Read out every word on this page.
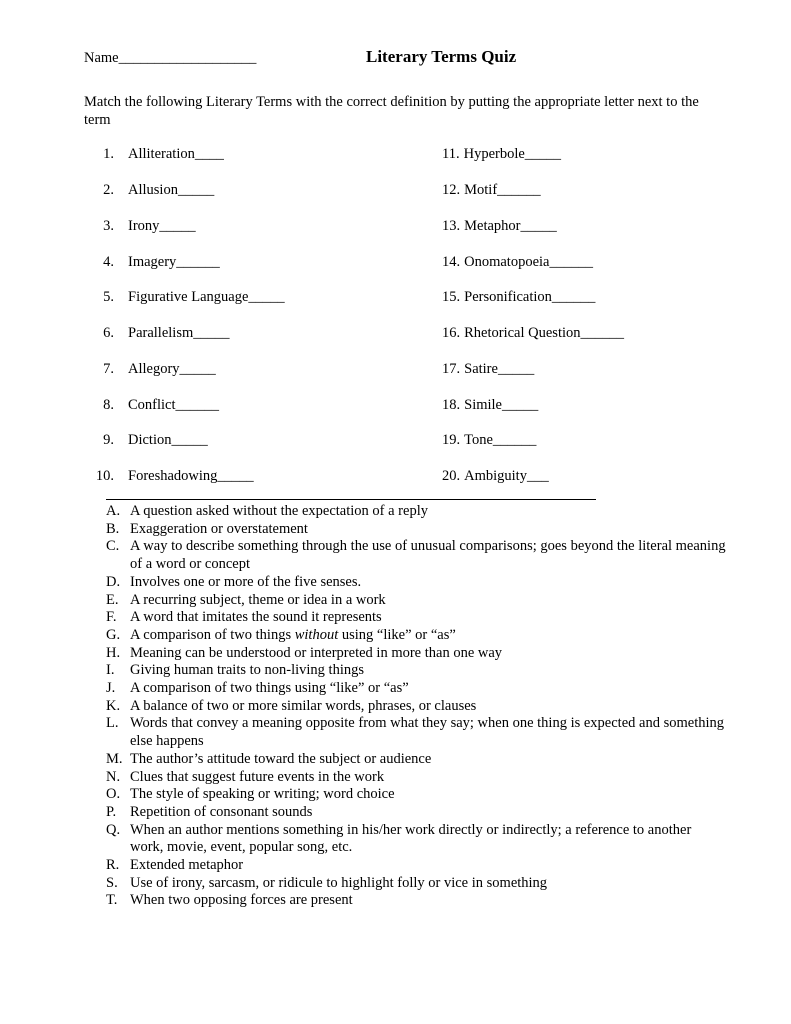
Name___________________	Literary Terms Quiz
Match the following Literary Terms with the correct definition by putting the appropriate letter next to the term
1. Alliteration____
2. Allusion_____
3. Irony_____
4. Imagery______
5. Figurative Language_____
6. Parallelism_____
7. Allegory_____
8. Conflict______
9. Diction_____
10. Foreshadowing_____
11. Hyperbole_____
12. Motif______
13. Metaphor_____
14. Onomatopoeia______
15. Personification______
16. Rhetorical Question______
17. Satire_____
18. Simile_____
19. Tone______
20. Ambiguity___
A. A question asked without the expectation of a reply
B. Exaggeration or overstatement
C. A way to describe something through the use of unusual comparisons; goes beyond the literal meaning of a word or concept
D. Involves one or more of the five senses.
E. A recurring subject, theme or idea in a work
F. A word that imitates the sound it represents
G. A comparison of two things without using “like” or “as”
H. Meaning can be understood or interpreted in more than one way
I.	Giving human traits to non-living things
J.	A comparison of two things using “like” or “as”
K. A balance of two or more similar words, phrases, or clauses
L. Words that convey a meaning opposite from what they say; when one thing is expected and something else happens
M. The author’s attitude toward the subject or audience
N. Clues that suggest future events in the work
O. The style of speaking or writing; word choice
P. Repetition of consonant sounds
Q. When an author mentions something in his/her work directly or indirectly; a reference to another work, movie, event, popular song, etc.
R. Extended metaphor
S. Use of irony, sarcasm, or ridicule to highlight folly or vice in something
T. When two opposing forces are present
